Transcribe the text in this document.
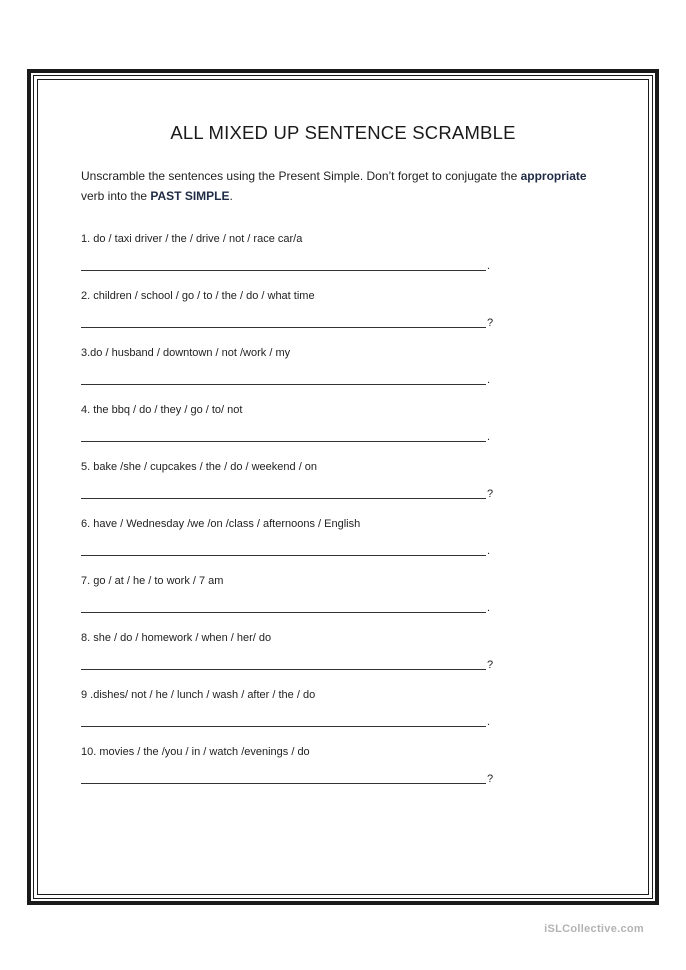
ALL MIXED UP SENTENCE SCRAMBLE
Unscramble the sentences using the Present Simple. Don’t forget to conjugate the appropriate
verb into the PAST SIMPLE.
1. do / taxi driver / the / drive / not / race car/a
.
2. children / school / go / to / the / do / what time
?
3.do / husband / downtown / not /work / my
.
4. the bbq / do / they / go / to/ not
.
5. bake /she / cupcakes / the / do / weekend / on
?
6. have / Wednesday /we /on /class / afternoons / English
.
7. go / at / he / to work / 7 am
.
8. she / do / homework / when / her/ do
?
9 .dishes/ not / he / lunch / wash / after / the / do
.
10. movies / the /you / in / watch /evenings / do
?
iSLCollective.com
